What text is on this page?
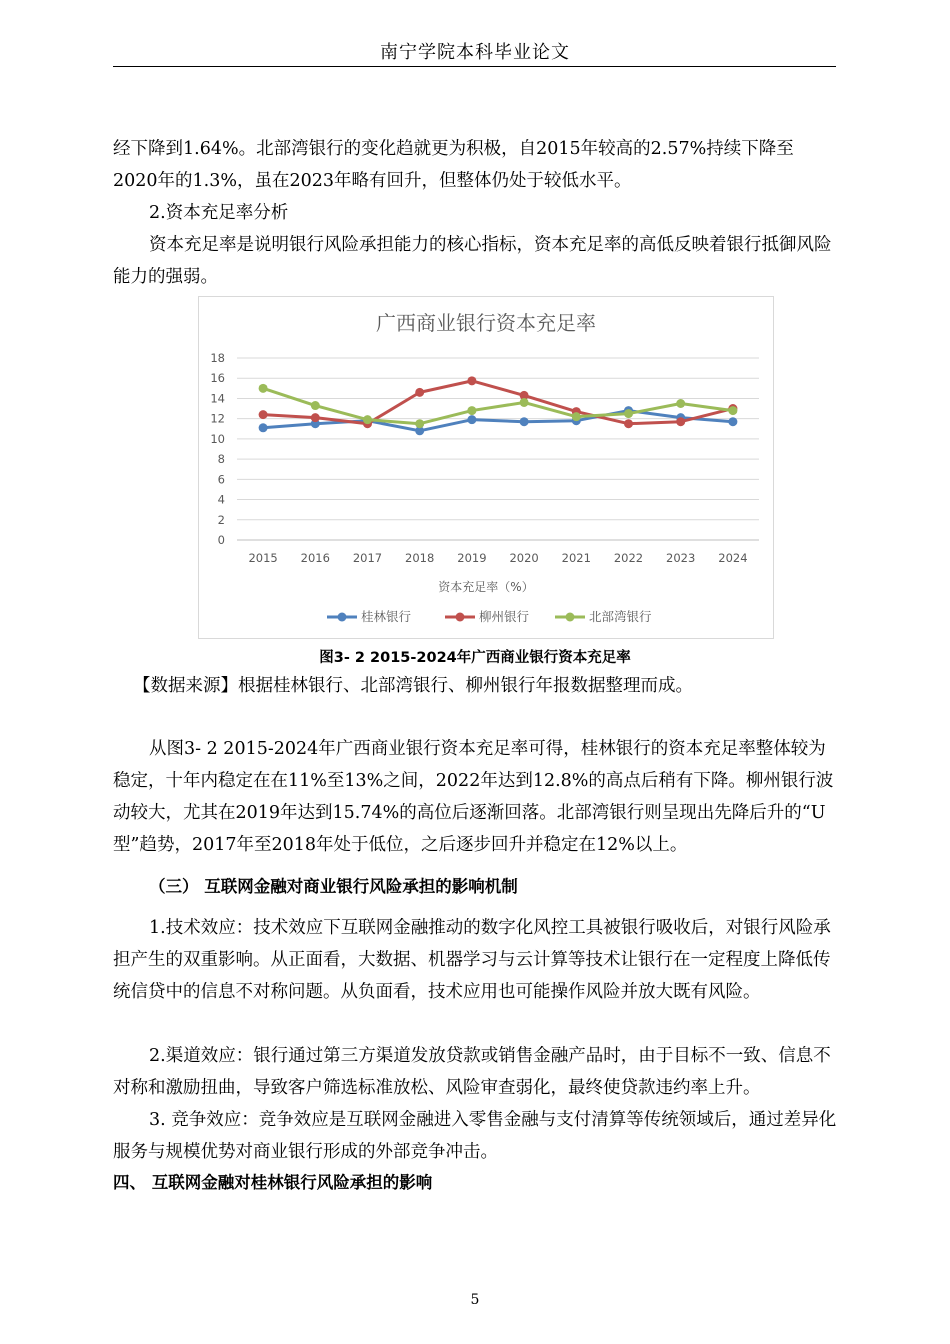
南宁学院本科毕业论文

经下降到1.64%。北部湾银行的变化趋就更为积极，自2015年较高的2.57%持续下降至2020年的1.3%，虽在2023年略有回升，但整体仍处于较低水平。

2.资本充足率分析

资本充足率是说明银行风险承担能力的核心指标，资本充足率的高低反映着银行抵御风险能力的强弱。

广西商业银行资本充足率
0
2
4
6
8
10
12
14
16
18
2015 2016 2017 2018 2019 2020 2021 2022 2023 2024
资本充足率（%）
桂林银行	柳州银行	北部湾银行
图3- 2 2015-2024年广西商业银行资本充足率

【数据来源】根据桂林银行、北部湾银行、柳州银行年报数据整理而成。

从图3- 2 2015-2024年广西商业银行资本充足率可得，桂林银行的资本充足率整体较为稳定，十年内稳定在在11%至13%之间，2022年达到12.8%的高点后稍有下降。柳州银行波动较大，尤其在2019年达到15.74%的高位后逐渐回落。北部湾银行则呈现出先降后升的“U型”趋势，2017年至2018年处于低位，之后逐步回升并稳定在12%以上。

（三） 互联网金融对商业银行风险承担的影响机制

1.技术效应：技术效应下互联网金融推动的数字化风控工具被银行吸收后，对银行风险承担产生的双重影响。从正面看，大数据、机器学习与云计算等技术让银行在一定程度上降低传统信贷中的信息不对称问题。从负面看，技术应用也可能操作风险并放大既有风险。

2.渠道效应：银行通过第三方渠道发放贷款或销售金融产品时，由于目标不一致、信息不对称和激励扭曲，导致客户筛选标准放松、风险审查弱化，最终使贷款违约率上升。

3. 竞争效应：竞争效应是互联网金融进入零售金融与支付清算等传统领域后，通过差异化服务与规模优势对商业银行形成的外部竞争冲击。

四、 互联网金融对桂林银行风险承担的影响

5
